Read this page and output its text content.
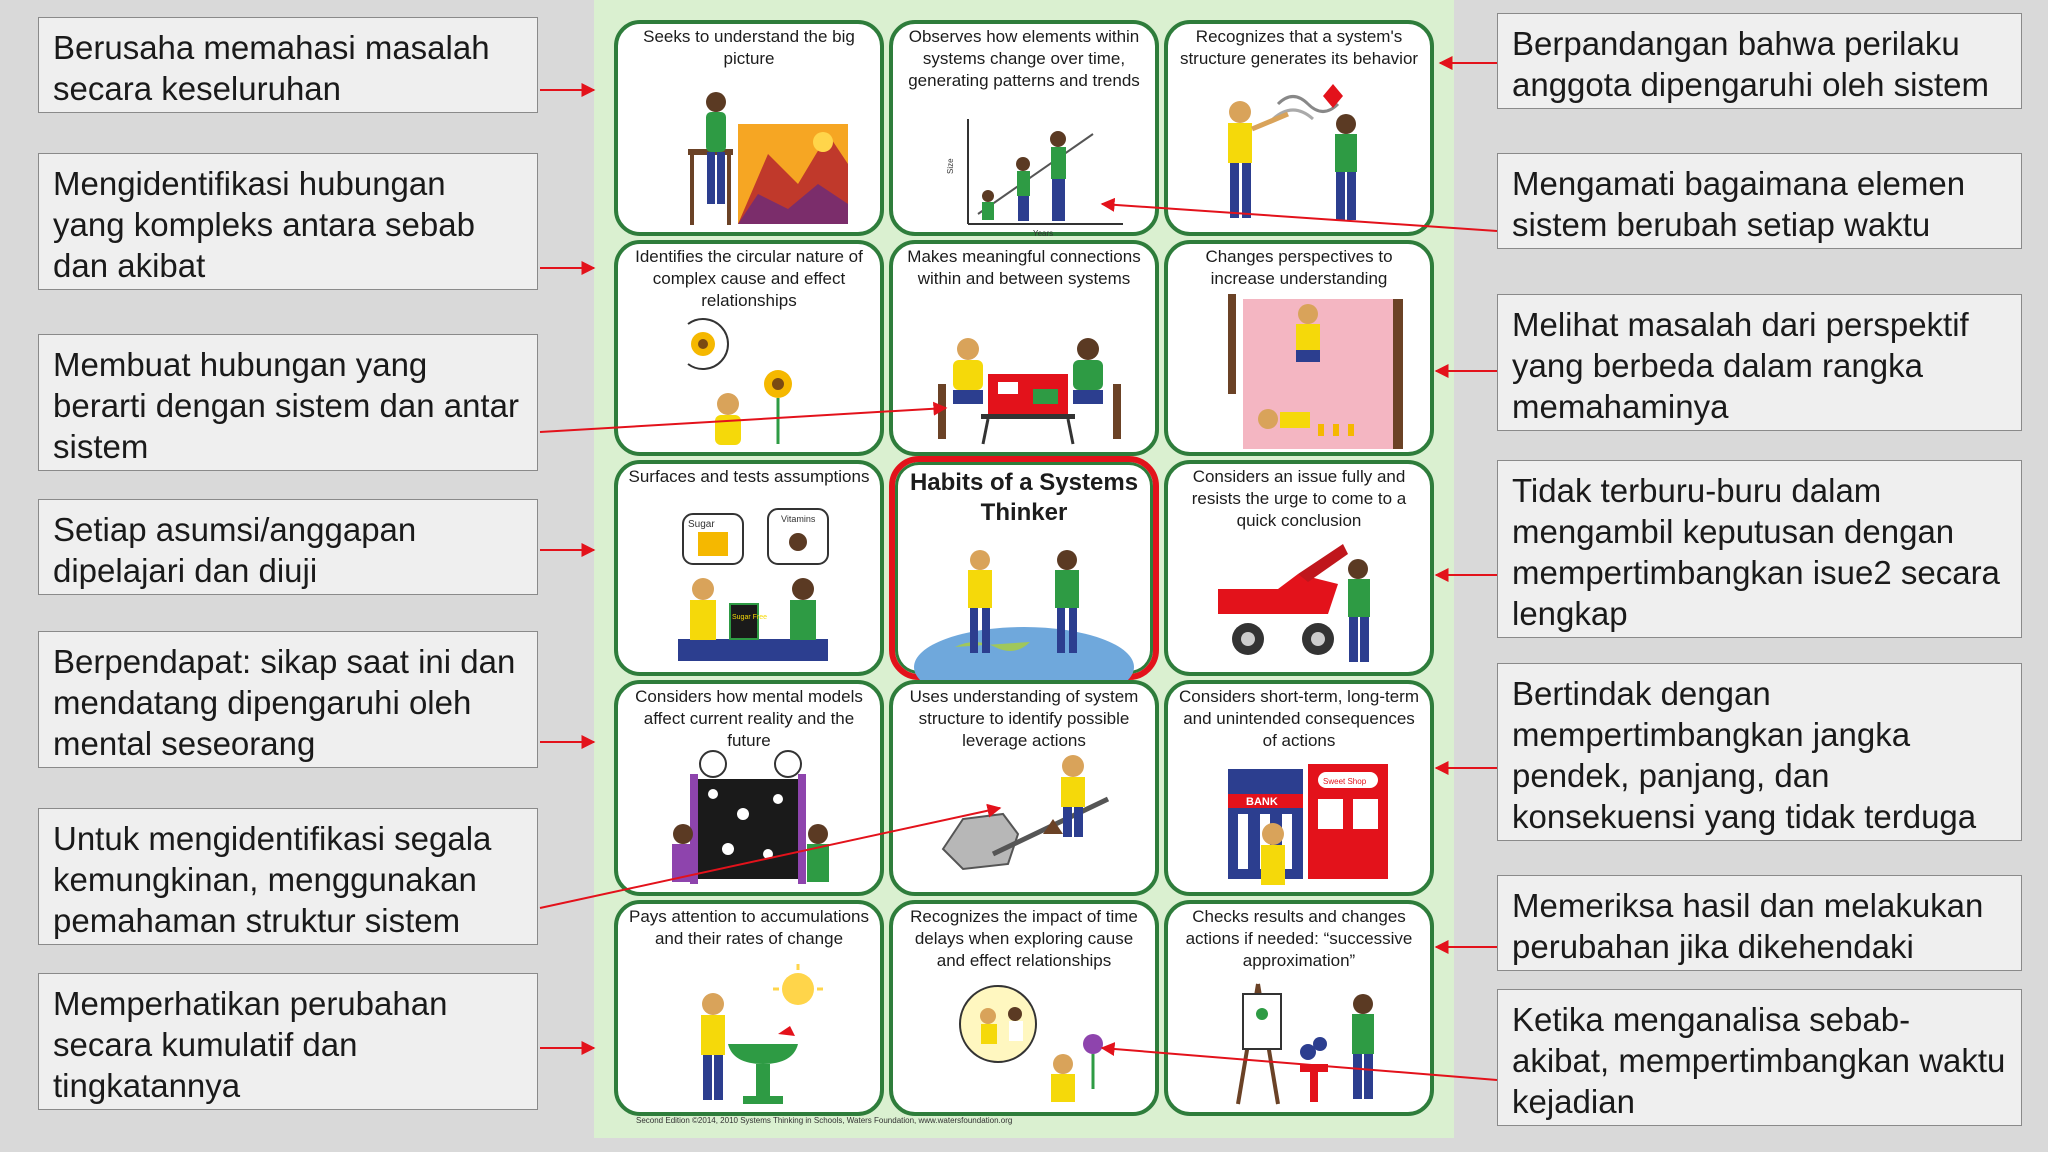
Berusaha memahasi masalah secara keseluruhan
Mengidentifikasi hubungan yang kompleks antara sebab dan akibat
Membuat hubungan yang berarti dengan sistem dan antar sistem
Setiap asumsi/anggapan dipelajari dan diuji
Berpendapat: sikap saat ini dan mendatang dipengaruhi oleh mental seseorang
Untuk mengidentifikasi segala kemungkinan, menggunakan pemahaman struktur sistem
Memperhatikan perubahan secara kumulatif dan tingkatannya
Berpandangan bahwa perilaku anggota dipengaruhi oleh sistem
Mengamati bagaimana elemen sistem berubah setiap waktu
Melihat masalah dari perspektif yang berbeda dalam rangka memahaminya
Tidak terburu-buru dalam mengambil keputusan dengan mempertimbangkan isue2 secara lengkap
Bertindak dengan mempertimbangkan jangka pendek, panjang, dan konsekuensi yang tidak terduga
Memeriksa hasil dan melakukan perubahan jika dikehendaki
Ketika menganalisa sebab-akibat, mempertimbangkan waktu kejadian
Seeks to understand the big picture
Observes how elements within systems change over time, generating patterns and trends
Size
Years
Recognizes that a system's structure generates its behavior
Identifies the circular nature of complex cause and effect relationships
Makes meaningful connections within and between systems
Changes perspectives to increase understanding
Surfaces and tests assumptions
Sugar	Vitamins
Sugar Free
Habits of a Systems Thinker
Considers an issue fully and resists the urge to come to a quick conclusion
Considers how mental models affect current reality and the future
Uses understanding of system structure to identify possible leverage actions
Considers short-term, long-term and unintended consequences of actions
BANK
Sweet Shop
Pays attention to accumulations and their rates of change
Recognizes the impact of time delays when exploring cause and effect relationships
Checks results and changes actions if needed: “successive approximation”
Second Edition ©2014, 2010 Systems Thinking in Schools, Waters Foundation, www.watersfoundation.org
